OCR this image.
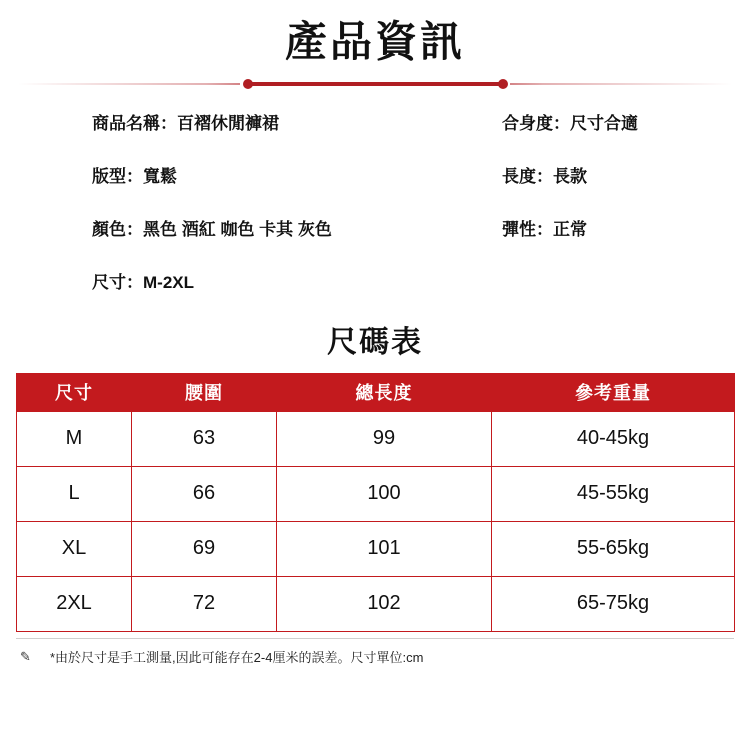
產品資訊
商品名稱：百褶休閒褲裙
版型：寬鬆
顏色：黑色 酒紅 咖色 卡其 灰色
尺寸：M-2XL
合身度：尺寸合適
長度：長款
彈性：正常
尺碼表
尺寸	腰圍	總長度	參考重量
M	63	99	40-45kg
L	66	100	45-55kg
XL	69	101	55-65kg
2XL	72	102	65-75kg
✎	*由於尺寸是手工測量,因此可能存在2-4厘米的誤差。尺寸單位:cm
